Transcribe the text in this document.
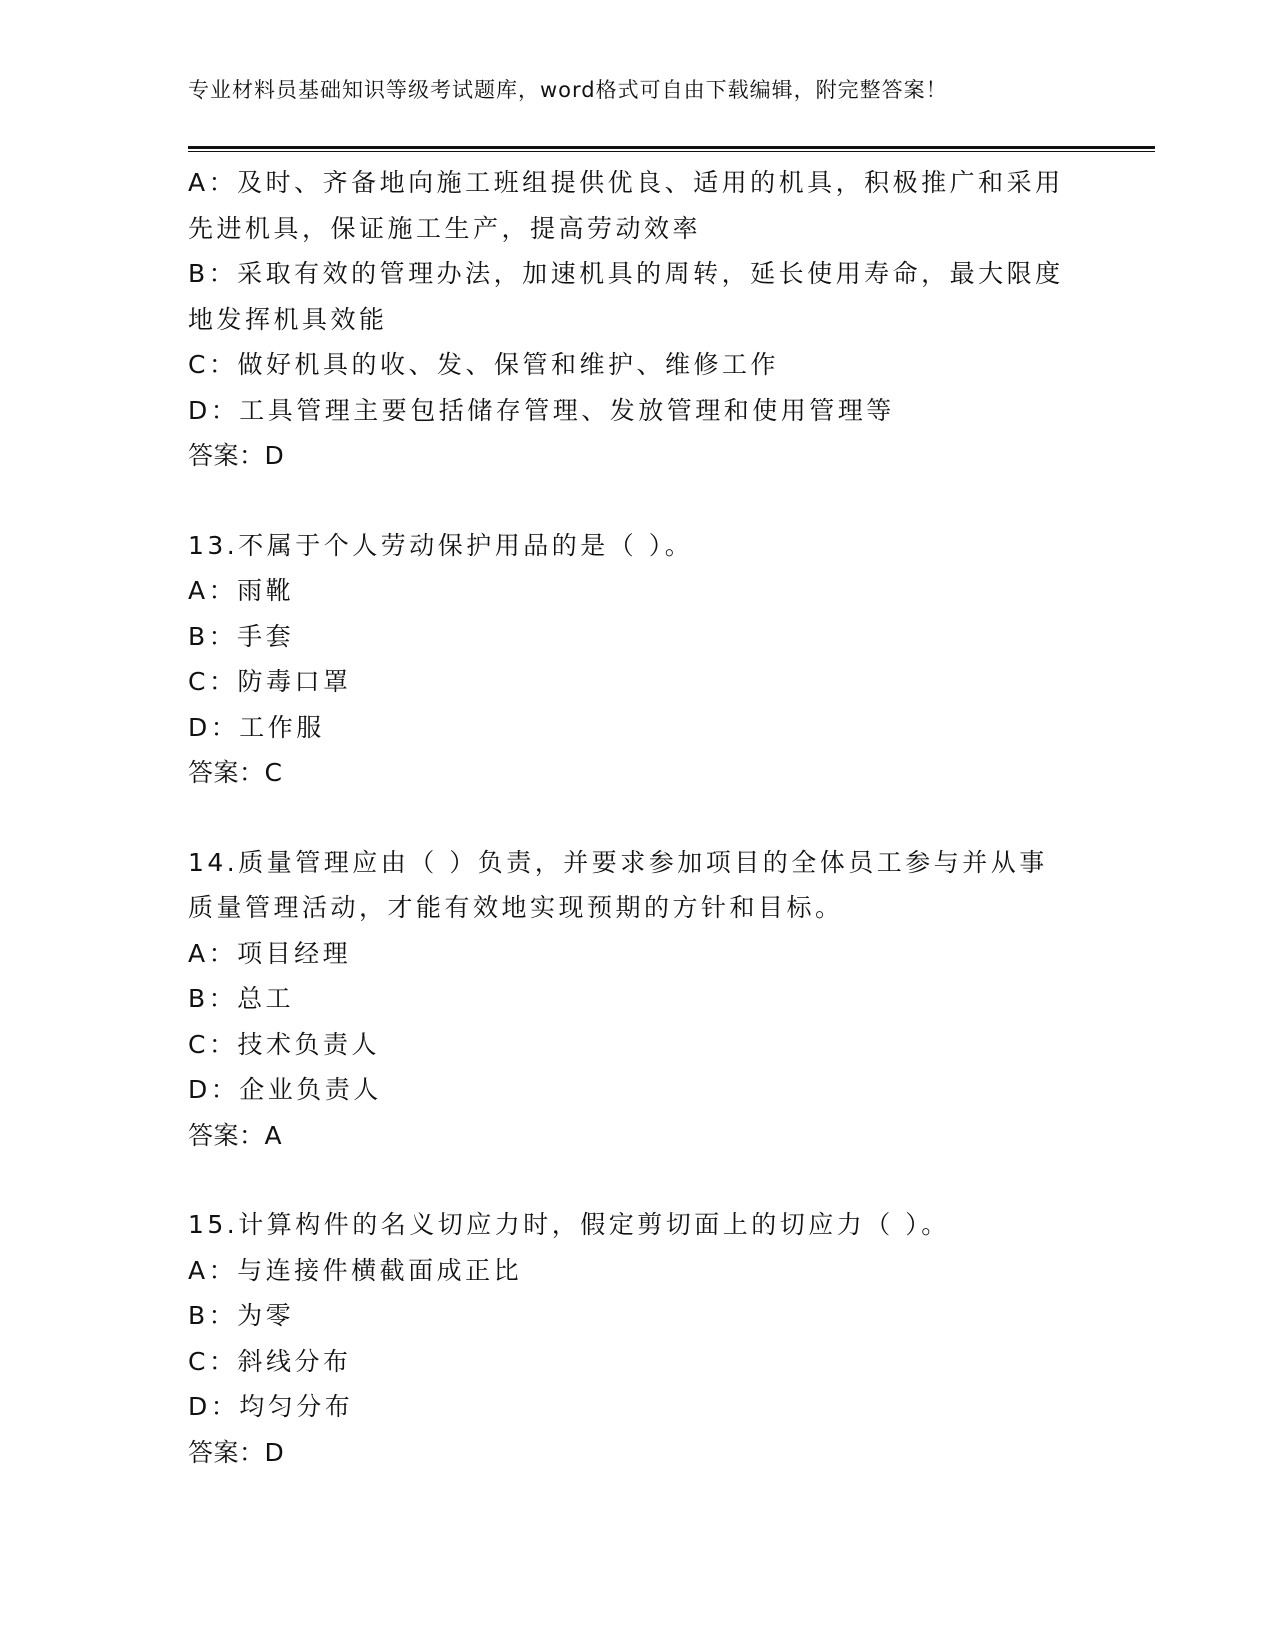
专业材料员基础知识等级考试题库，word格式可自由下载编辑，附完整答案！
A：及时、齐备地向施工班组提供优良、适用的机具，积极推广和采用
先进机具，保证施工生产，提高劳动效率
B：采取有效的管理办法，加速机具的周转，延长使用寿命，最大限度
地发挥机具效能
C：做好机具的收、发、保管和维护、维修工作
D：工具管理主要包括储存管理、发放管理和使用管理等
答案：D
13.不属于个人劳动保护用品的是（ ）。
A：雨靴
B：手套
C：防毒口罩
D：工作服
答案：C
14.质量管理应由（ ）负责，并要求参加项目的全体员工参与并从事
质量管理活动，才能有效地实现预期的方针和目标。
A：项目经理
B：总工
C：技术负责人
D：企业负责人
答案：A
15.计算构件的名义切应力时，假定剪切面上的切应力（ ）。
A：与连接件横截面成正比
B：为零
C：斜线分布
D：均匀分布
答案：D
